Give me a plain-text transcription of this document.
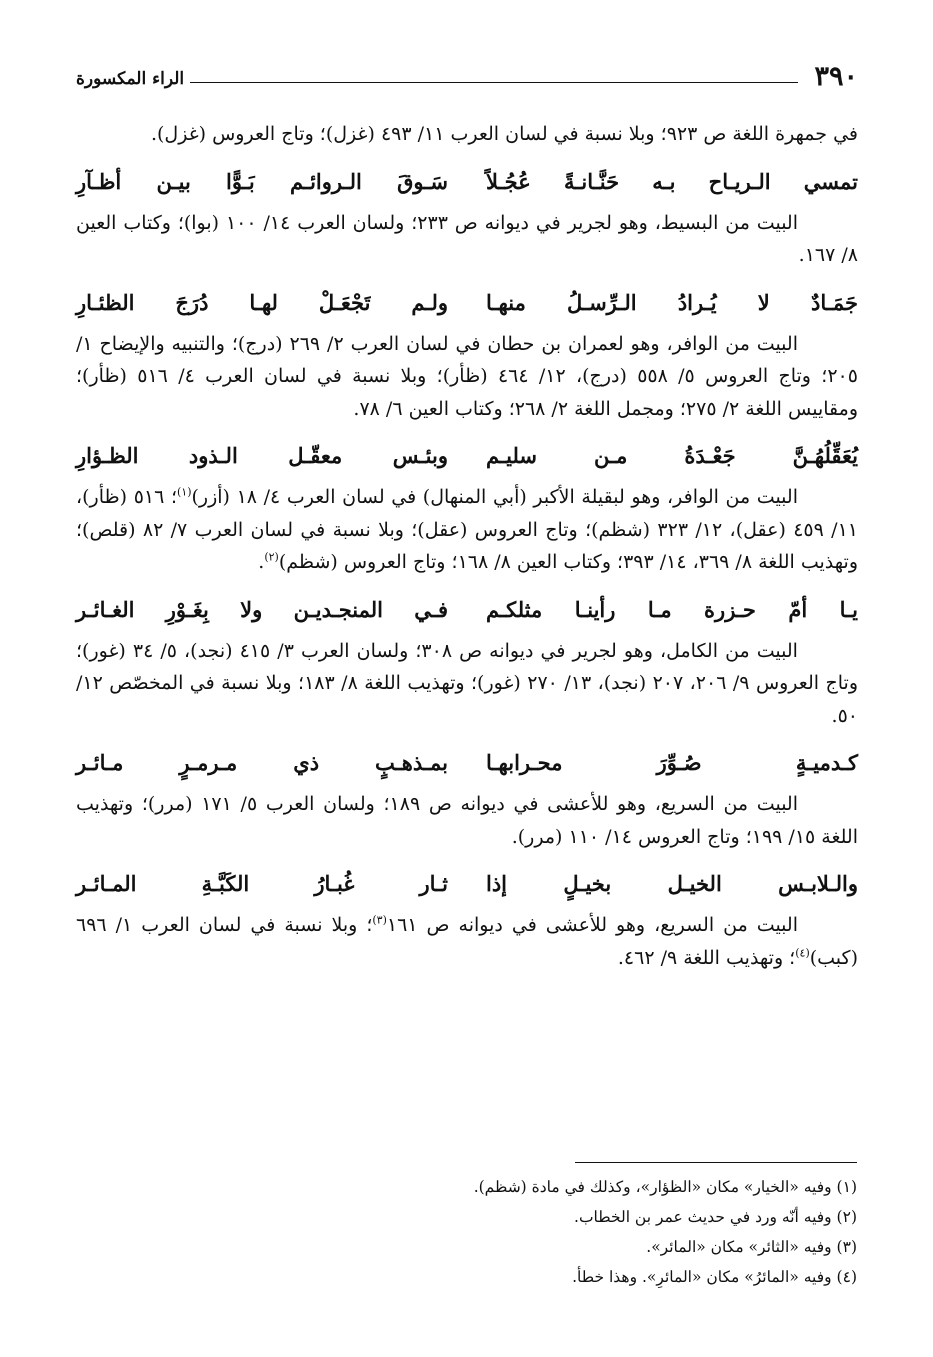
٣٩٠
الراء المكسورة

في جمهرة اللغة ص ٩٢٣؛ وبلا نسبة في لسان العرب ١١/ ٤٩٣ (غزل)؛ وتاج العروس (غزل).

تمسي الـريـاح بـه حَنَّـانـةً عُجُـلاً
سَـوقَ الـروائـم بَـوًّا بيـن أظـآرِ

البيت من البسيط، وهو لجرير في ديوانه ص ٢٣٣؛ ولسان العرب ١٤/ ١٠٠ (بوا)؛ وكتاب العين ٨/ ١٦٧.

جَمَـادٌ لا يُـرادُ الـرِّسـلُ منهـا
ولـم تَجْعَـلْ لهـا دُرَجَ الظئـارِ

البيت من الوافر، وهو لعمران بن حطان في لسان العرب ٢/ ٢٦٩ (درج)؛ والتنبيه والإيضاح ١/ ٢٠٥؛ وتاج العروس ٥/ ٥٥٨ (درج)، ١٢/ ٤٦٤ (ظأر)؛ وبلا نسبة في لسان العرب ٤/ ٥١٦ (ظأر)؛ ومقاييس اللغة ٢/ ٢٧٥؛ ومجمل اللغة ٢/ ٢٦٨؛ وكتاب العين ٦/ ٧٨.

يُعَقِّلُهُـنَّ جَعْـدَةُ مـن سليـم
وبئـس معقّـل الـذود الظـؤارِ

البيت من الوافر، وهو لبقيلة الأكبر (أبي المنهال) في لسان العرب ٤/ ١٨ (أزر)$^{(١)}$؛ ٥١٦ (ظأر)، ١١/ ٤٥٩ (عقل)، ١٢/ ٣٢٣ (شظم)؛ وتاج العروس (عقل)؛ وبلا نسبة في لسان العرب ٧/ ٨٢ (قلص)؛ وتهذيب اللغة ٨/ ٣٦٩، ١٤/ ٣٩٣؛ وكتاب العين ٨/ ١٦٨؛ وتاج العروس (شظم)$^{(٢)}$.

يـا أمّ حـزرة مـا رأينـا مثلكـم
فـي المنجـديـن ولا بِغَـوْرِ الغـائـر

البيت من الكامل، وهو لجرير في ديوانه ص ٣٠٨؛ ولسان العرب ٣/ ٤١٥ (نجد)، ٥/ ٣٤ (غور)؛ وتاج العروس ٩/ ٢٠٦، ٢٠٧ (نجد)، ١٣/ ٢٧٠ (غور)؛ وتهذيب اللغة ٨/ ١٨٣؛ وبلا نسبة في المخصّص ١٢/ ٥٠.

كـدميـةٍ صُـوِّرَ محـرابهـا
بمـذهـبٍ ذي مـرمـرٍ مـائـر

البيت من السريع، وهو للأعشى في ديوانه ص ١٨٩؛ ولسان العرب ٥/ ١٧١ (مرر)؛ وتهذيب اللغة ١٥/ ١٩٩؛ وتاج العروس ١٤/ ١١٠ (مرر).

والـلابـس الخيـل بخيـلٍ إذا
ثـار غُبـارُ الكَبَّـةِ المـائـر

البيت من السريع، وهو للأعشى في ديوانه ص ١٦١$^{(٣)}$؛ وبلا نسبة في لسان العرب ١/ ٦٩٦ (كبب)$^{(٤)}$؛ وتهذيب اللغة ٩/ ٤٦٢.

(١) وفيه «الخيار» مكان «الظؤار»، وكذلك في مادة (شظم).

(٢) وفيه أنّه ورد في حديث عمر بن الخطاب.

(٣) وفيه «الثائر» مكان «المائر».

(٤) وفيه «المائرُ» مكان «المائرِ». وهذا خطأ.
